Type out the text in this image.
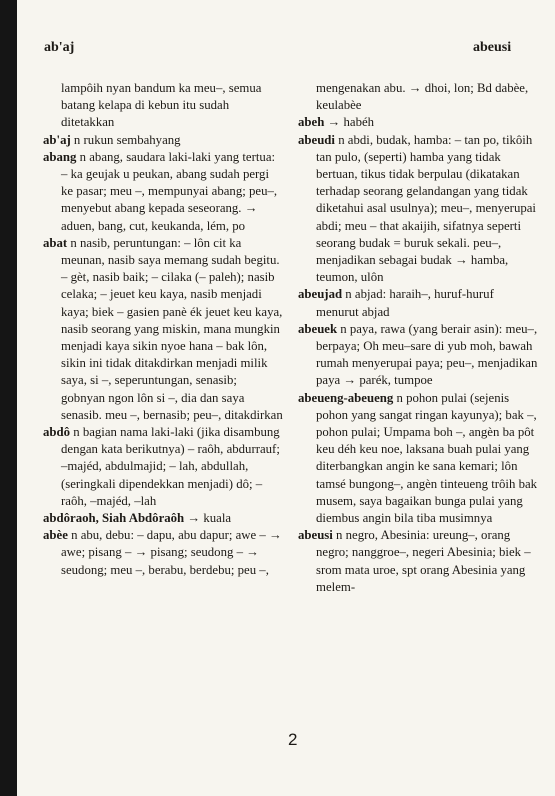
ab'aj	abeusi

lampôih nyan bandum ka meu–, semua batang kelapa di kebun itu sudah ditetakkan

ab'aj n rukun sembahyang

abang n abang, saudara laki-laki yang tertua: – ka geujak u peukan, abang sudah pergi ke pasar; meu –, mempunyai abang; peu–, menyebut abang kepada seseorang. → aduen, bang, cut, keukanda, lém, po

abat n nasib, peruntungan: – lôn cit ka meunan, nasib saya memang sudah begitu. – gèt, nasib baik; – cilaka (– paleh); nasib celaka; – jeuet keu kaya, nasib menjadi kaya; biek – gasien panè ék jeuet keu kaya, nasib seorang yang miskin, mana mungkin menjadi kaya sikin nyoe hana – bak lôn, sikin ini tidak ditakdirkan menjadi milik saya, si –, seperuntungan, senasib; gobnyan ngon lôn si –, dia dan saya senasib. meu –, bernasib; peu–, ditakdirkan

abdô n bagian nama laki-laki (jika disambung dengan kata berikutnya) – raôh, abdurrauf; –majéd, abdulmajid; – lah, abdullah, (seringkali dipendekkan menjadi) dô; – raôh, –majéd, –lah

abdôraoh, Siah Abdôraôh → kuala

abèe n abu, debu: – dapu, abu dapur; awe – → awe; pisang – → pisang; seudong – → seudong; meu –, berabu, berdebu; peu –,

mengenakan abu. → dhoi, lon; Bd dabèe, keulabèe

abeh → habéh

abeudi n abdi, budak, hamba: – tan po, tikôih tan pulo, (seperti) hamba yang tidak bertuan, tikus tidak berpulau (dikatakan terhadap seorang gelandangan yang tidak diketahui asal usulnya); meu–, menyerupai abdi; meu – that akaijih, sifatnya seperti seorang budak = buruk sekali. peu–, menjadikan sebagai budak → hamba, teumon, ulôn

abeujad n abjad: haraih–, huruf-huruf menurut abjad

abeuek n paya, rawa (yang berair asin): meu–, berpaya; Oh meu–sare di yub moh, bawah rumah menyerupai paya; peu–, menjadikan paya → parék, tumpoe

abeueng-abeueng n pohon pulai (sejenis pohon yang sangat ringan kayunya); bak –, pohon pulai; Umpama boh –, angèn ba pôt keu déh keu noe, laksana buah pulai yang diterbangkan angin ke sana kemari; lôn tamsé bungong–, angèn tinteueng trôih bak musem, saya bagaikan bunga pulai yang diembus angin bila tiba musimnya

abeusi n negro, Abesinia: ureung–, orang negro; nanggroe–, negeri Abesinia; biek – srom mata uroe, spt orang Abesinia yang melem-

2
